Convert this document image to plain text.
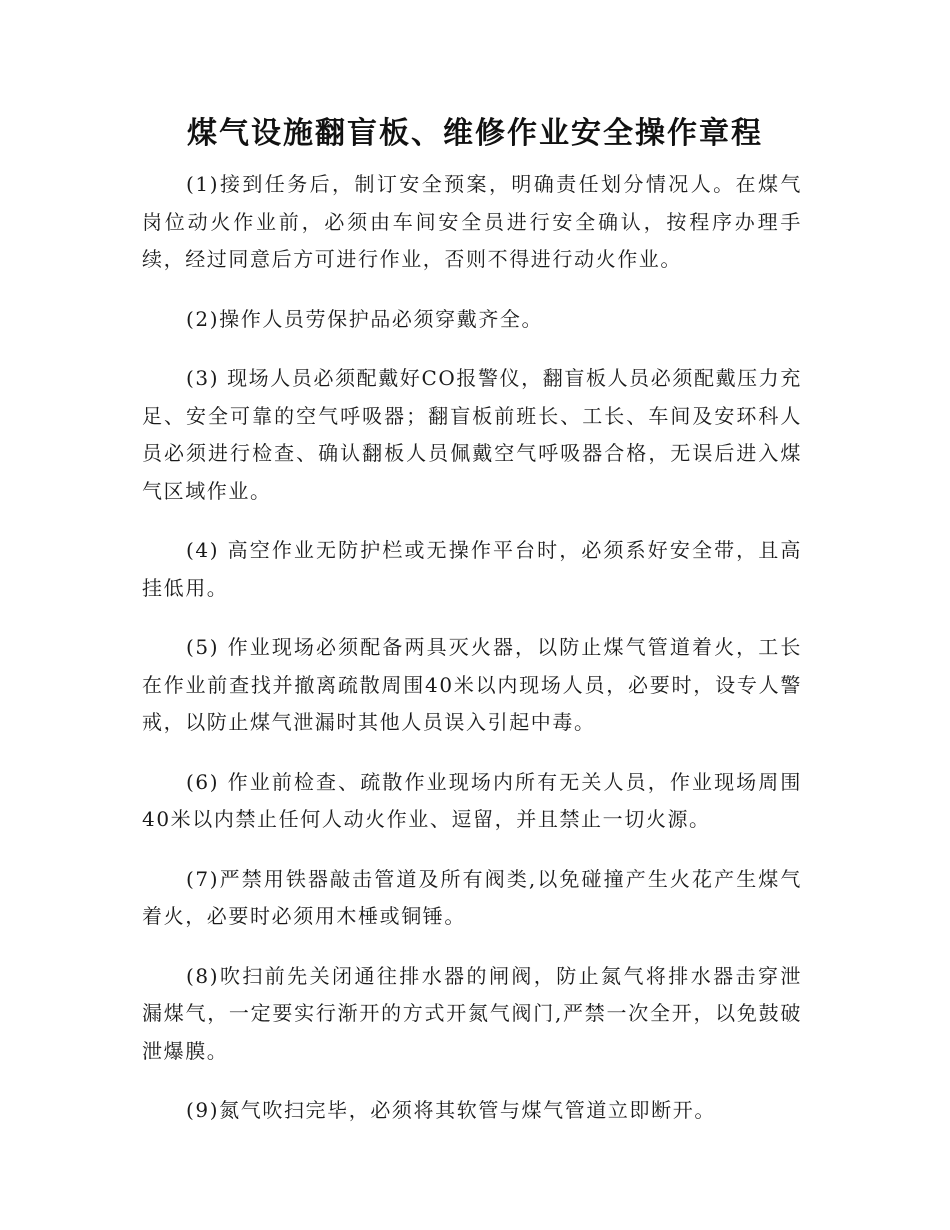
煤气设施翻盲板、维修作业安全操作章程

(1)接到任务后，制订安全预案，明确责任划分情况人。在煤气岗位动火作业前，必须由车间安全员进行安全确认，按程序办理手续，经过同意后方可进行作业，否则不得进行动火作业。

(2)操作人员劳保护品必须穿戴齐全。

(3) 现场人员必须配戴好CO报警仪，翻盲板人员必须配戴压力充足、安全可靠的空气呼吸器；翻盲板前班长、工长、车间及安环科人员必须进行检查、确认翻板人员佩戴空气呼吸器合格，无误后进入煤气区域作业。

(4) 高空作业无防护栏或无操作平台时，必须系好安全带，且高挂低用。

(5) 作业现场必须配备两具灭火器，以防止煤气管道着火，工长在作业前查找并撤离疏散周围40米以内现场人员，必要时，设专人警戒，以防止煤气泄漏时其他人员误入引起中毒。

(6) 作业前检查、疏散作业现场内所有无关人员，作业现场周围40米以内禁止任何人动火作业、逗留，并且禁止一切火源。

(7)严禁用铁器敲击管道及所有阀类,以免碰撞产生火花产生煤气着火，必要时必须用木棰或铜锤。

(8)吹扫前先关闭通往排水器的闸阀，防止氮气将排水器击穿泄漏煤气，一定要实行渐开的方式开氮气阀门,严禁一次全开，以免鼓破泄爆膜。

(9)氮气吹扫完毕，必须将其软管与煤气管道立即断开。
